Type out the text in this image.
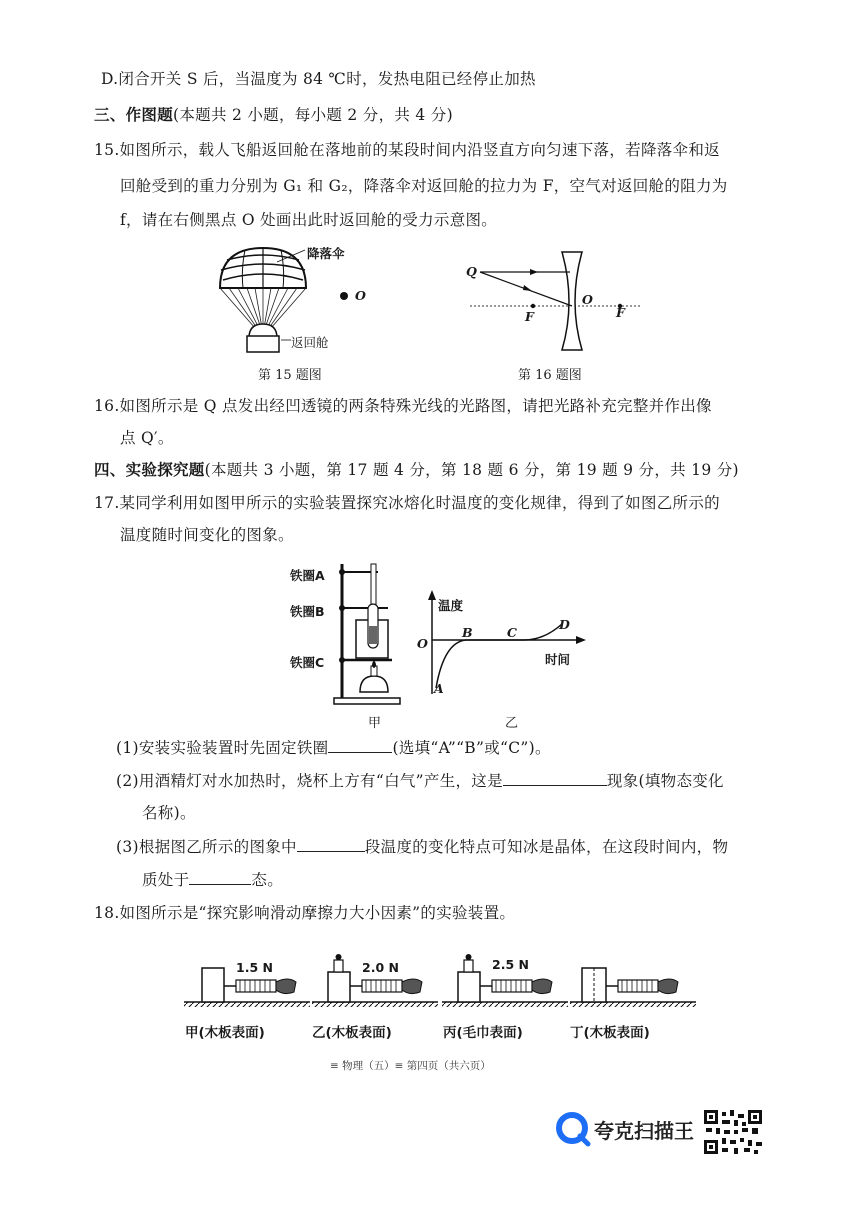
D.闭合开关 S 后，当温度为 84 ℃时，发热电阻已经停止加热
三、作图题(本题共 2 小题，每小题 2 分，共 4 分)
15.如图所示，载人飞船返回舱在落地前的某段时间内沿竖直方向匀速下落，若降落伞和返
回舱受到的重力分别为 G₁ 和 G₂，降落伞对返回舱的拉力为 F，空气对返回舱的阻力为
f，请在右侧黑点 O 处画出此时返回舱的受力示意图。
降落伞
返回舱
O
第 15 题图
Q
O
F	F
第 16 题图
16.如图所示是 Q 点发出经凹透镜的两条特殊光线的光路图，请把光路补充完整并作出像
点 Q′。
四、实验探究题(本题共 3 小题，第 17 题 4 分，第 18 题 6 分，第 19 题 9 分，共 19 分)
17.某同学利用如图甲所示的实验装置探究冰熔化时温度的变化规律，得到了如图乙所示的
温度随时间变化的图象。
铁圈A
铁圈B
铁圈C
甲
温度
时间
O
A
B	C
D
乙
(1)安装实验装置时先固定铁圈	(选填“A”“B”或“C”)。
(2)用酒精灯对水加热时，烧杯上方有“白气”产生，这是	现象(填物态变化
名称)。
(3)根据图乙所示的图象中	段温度的变化特点可知冰是晶体，在这段时间内，物
质处于	态。
18.如图所示是“探究影响滑动摩擦力大小因素”的实验装置。
1.5 N	2.0 N	2.5 N
甲(木板表面)	乙(木板表面)	丙(毛巾表面)	丁(木板表面)
≡ 物理（五）≡ 第四页（共六页）
夸克扫描王
